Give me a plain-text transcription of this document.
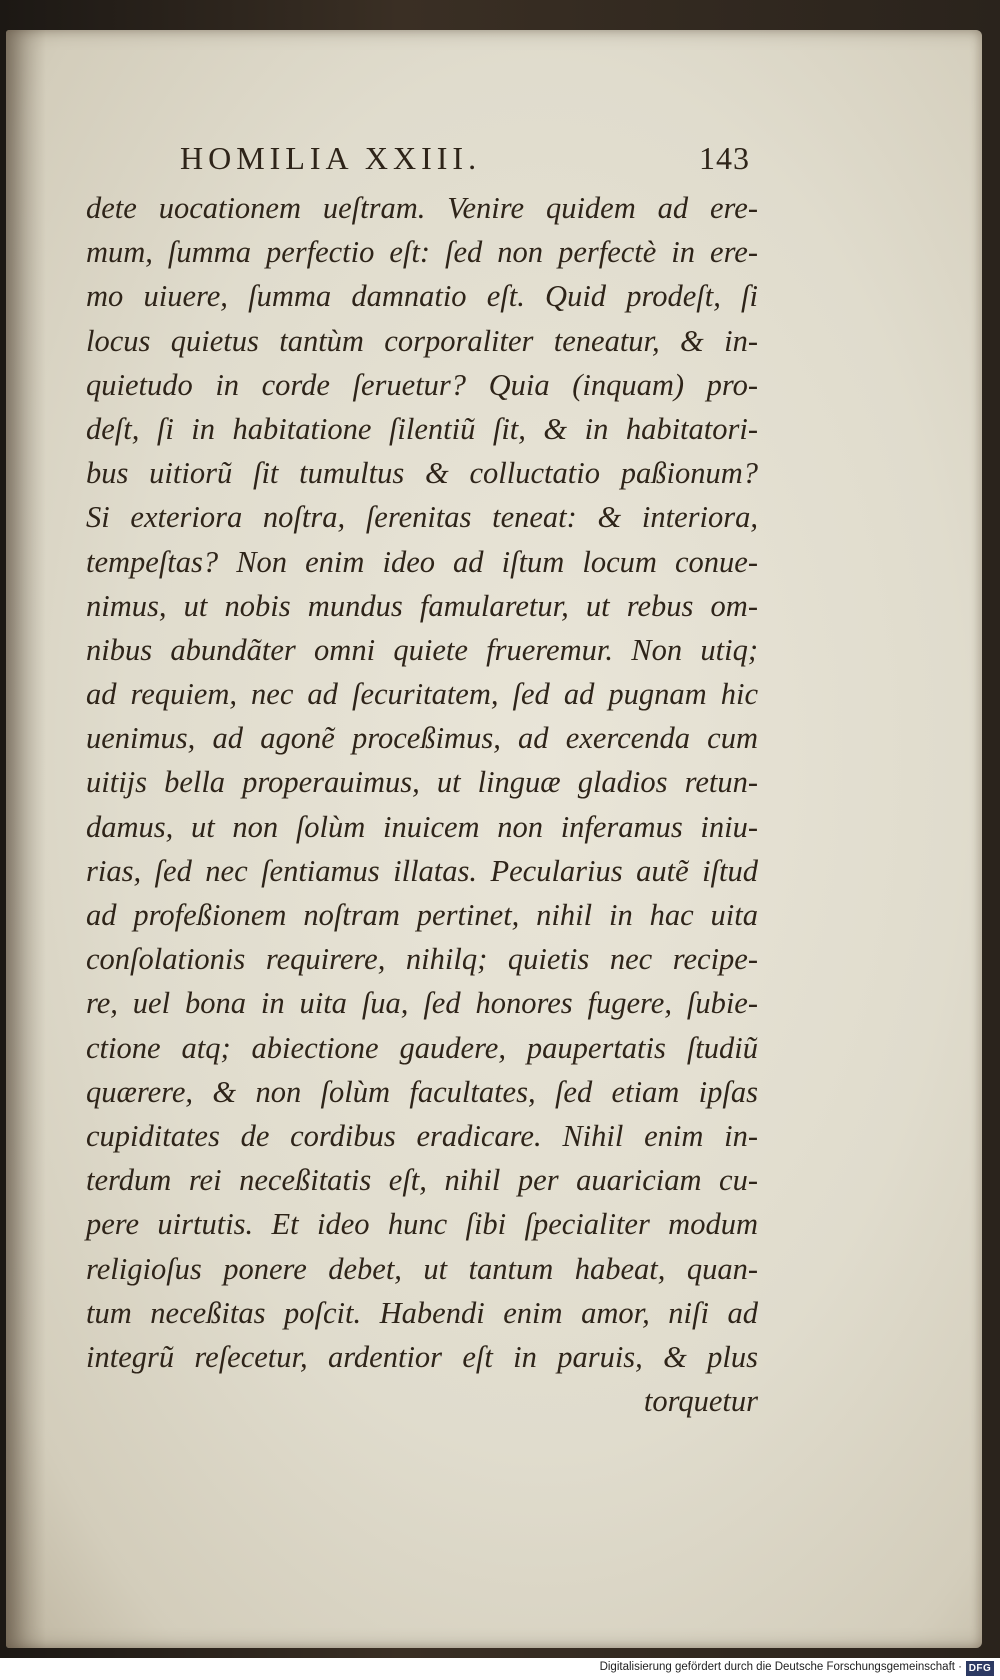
HOMILIA XXIII.	143
dete uocationem ueſtram. Venire quidem ad ere-
mum, ſumma perfectio eſt: ſed non perfectè in ere-
mo uiuere, ſumma damnatio eſt. Quid prodeſt, ſi
locus quietus tantùm corporaliter teneatur, & in-
quietudo in corde ſeruetur? Quia (inquam) pro-
deſt, ſi in habitatione ſilentiũ ſit, & in habitatori-
bus uitiorũ ſit tumultus & colluctatio paßionum?
Si exteriora noſtra, ſerenitas teneat: & interiora,
tempeſtas? Non enim ideo ad iſtum locum conue-
nimus, ut nobis mundus famularetur, ut rebus om-
nibus abundãter omni quiete frueremur. Non utiq;
ad requiem, nec ad ſecuritatem, ſed ad pugnam hic
uenimus, ad agonẽ proceßimus, ad exercenda cum
uitijs bella properauimus, ut linguæ gladios retun-
damus, ut non ſolùm inuicem non inferamus iniu-
rias, ſed nec ſentiamus illatas. Pecularius autẽ iſtud
ad profeßionem noſtram pertinet, nihil in hac uita
conſolationis requirere, nihilq; quietis nec recipe-
re, uel bona in uita ſua, ſed honores fugere, ſubie-
ctione atq; abiectione gaudere, paupertatis ſtudiũ
quærere, & non ſolùm facultates, ſed etiam ipſas
cupiditates de cordibus eradicare. Nihil enim in-
terdum rei neceßitatis eſt, nihil per auariciam cu-
pere uirtutis. Et ideo hunc ſibi ſpecialiter modum
religioſus ponere debet, ut tantum habeat, quan-
tum neceßitas poſcit. Habendi enim amor, niſi ad
integrũ reſecetur, ardentior eſt in paruis, & plus
torquetur
Digitalisierung gefördert durch die Deutsche Forschungsgemeinschaft · DFG
